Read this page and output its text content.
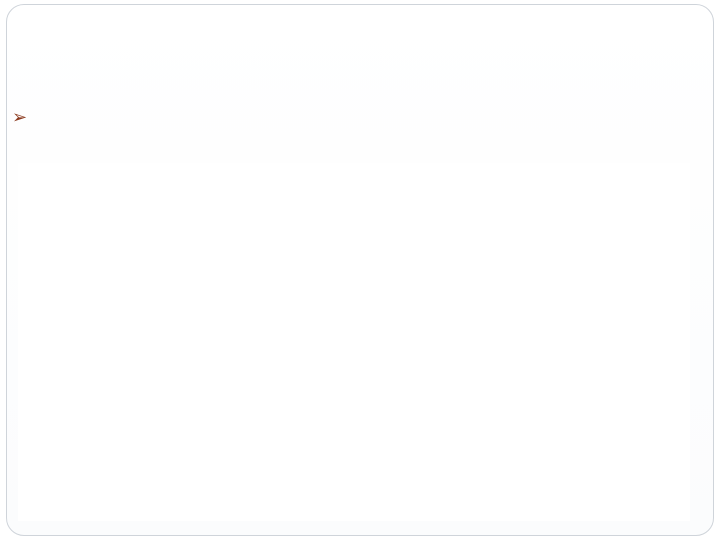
➢
